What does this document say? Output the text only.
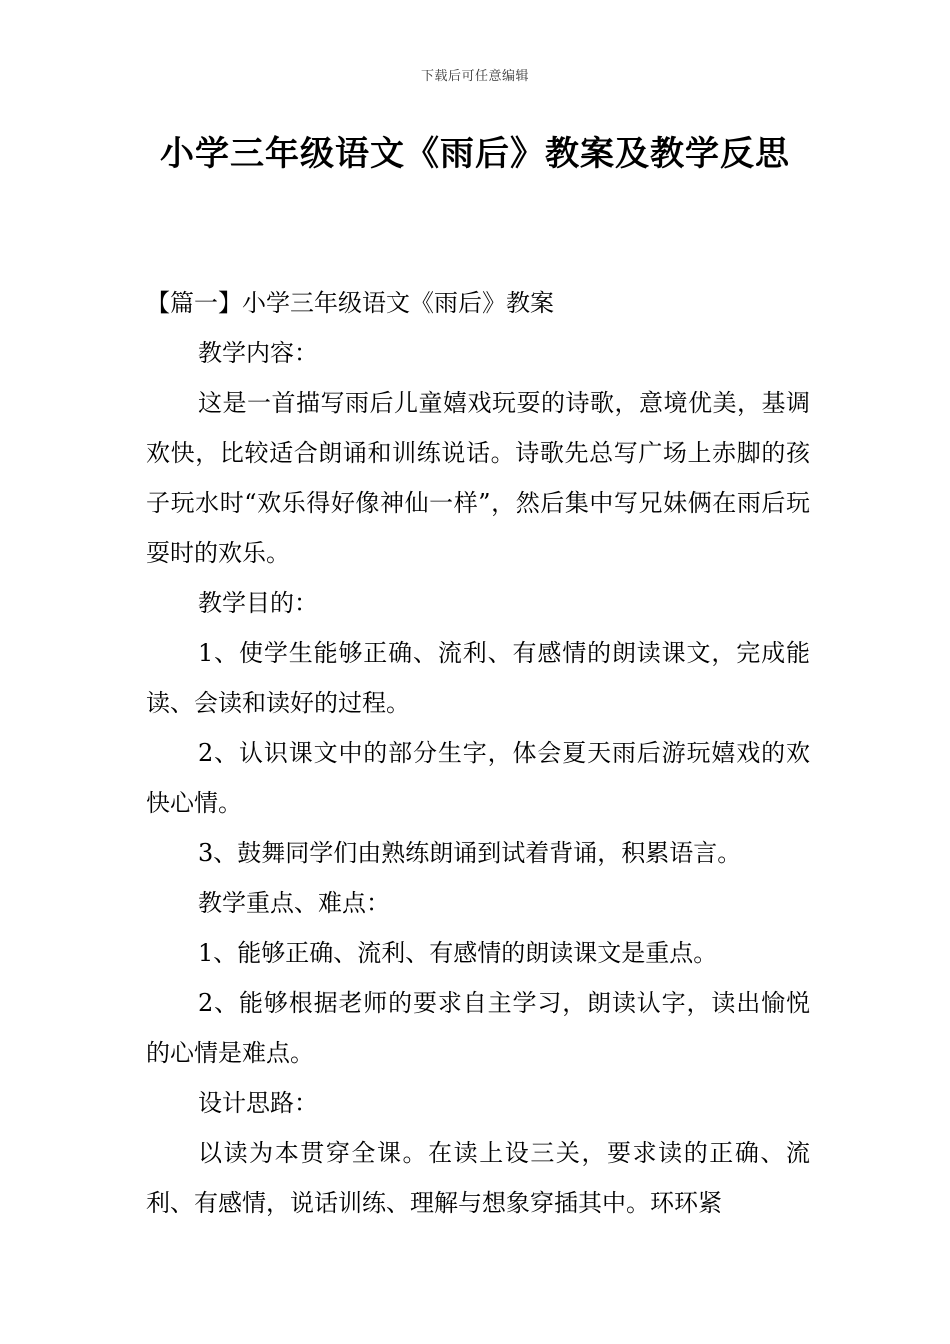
下载后可任意编辑
小学三年级语文《雨后》教案及教学反思

【篇一】小学三年级语文《雨后》教案

教学内容：

这是一首描写雨后儿童嬉戏玩耍的诗歌，意境优美，基调欢快，比较适合朗诵和训练说话。诗歌先总写广场上赤脚的孩子玩水时“欢乐得好像神仙一样”，然后集中写兄妹俩在雨后玩耍时的欢乐。

教学目的：

1、使学生能够正确、流利、有感情的朗读课文，完成能读、会读和读好的过程。

2、认识课文中的部分生字，体会夏天雨后游玩嬉戏的欢快心情。

3、鼓舞同学们由熟练朗诵到试着背诵，积累语言。

教学重点、难点：

1、能够正确、流利、有感情的朗读课文是重点。

2、能够根据老师的要求自主学习，朗读认字，读出愉悦的心情是难点。

设计思路：

以读为本贯穿全课。在读上设三关，要求读的正确、流利、有感情，说话训练、理解与想象穿插其中。环环紧
